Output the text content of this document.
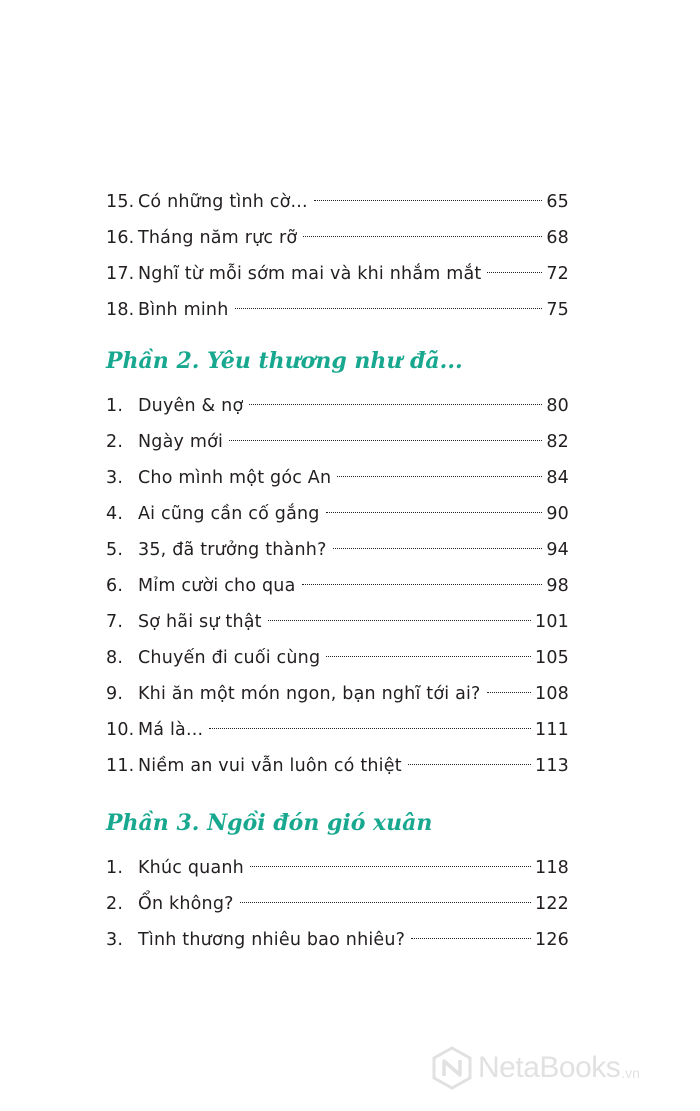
15. Có những tình cờ...	65
16. Tháng năm rực rỡ	68
17. Nghĩ từ mỗi sớm mai và khi nhắm mắt	72
18. Bình minh	75
Phần 2. Yêu thương như đã...
1. Duyên & nợ	80
2. Ngày mới	82
3. Cho mình một góc An	84
4. Ai cũng cần cố gắng	90
5. 35, đã trưởng thành?	94
6. Mỉm cười cho qua	98
7. Sợ hãi sự thật	101
8. Chuyến đi cuối cùng	105
9. Khi ăn một món ngon, bạn nghĩ tới ai?	108
10. Má là...	111
11. Niềm an vui vẫn luôn có thiệt	113
Phần 3. Ngồi đón gió xuân
1. Khúc quanh	118
2. Ổn không?	122
3. Tình thương nhiêu bao nhiêu?	126
NetaBooks .vn
